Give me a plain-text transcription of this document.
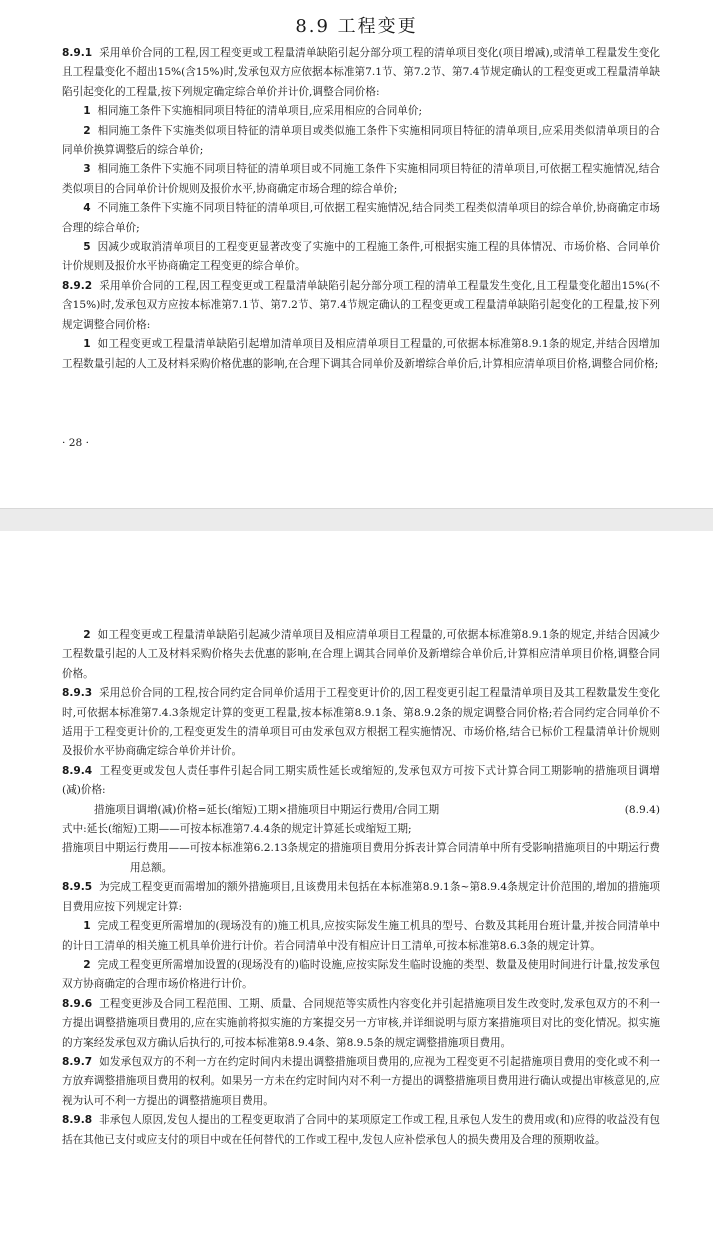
8.9 工程变更

8.9.1 采用单价合同的工程,因工程变更或工程量清单缺陷引起分部分项工程的清单项目变化(项目增减),或清单工程量发生变化且工程量变化不超出15%(含15%)时,发承包双方应依据本标准第7.1节、第7.2节、第7.4节规定确认的工程变更或工程量清单缺陷引起变化的工程量,按下列规定确定综合单价并计价,调整合同价格:

1 相同施工条件下实施相同项目特征的清单项目,应采用相应的合同单价;

2 相同施工条件下实施类似项目特征的清单项目或类似施工条件下实施相同项目特征的清单项目,应采用类似清单项目的合同单价换算调整后的综合单价;

3 相同施工条件下实施不同项目特征的清单项目或不同施工条件下实施相同项目特征的清单项目,可依据工程实施情况,结合类似项目的合同单价计价规则及报价水平,协商确定市场合理的综合单价;

4 不同施工条件下实施不同项目特征的清单项目,可依据工程实施情况,结合同类工程类似清单项目的综合单价,协商确定市场合理的综合单价;

5 因减少或取消清单项目的工程变更显著改变了实施中的工程施工条件,可根据实施工程的具体情况、市场价格、合同单价计价规则及报价水平协商确定工程变更的综合单价。

8.9.2 采用单价合同的工程,因工程变更或工程量清单缺陷引起分部分项工程的清单工程量发生变化,且工程量变化超出15%(不含15%)时,发承包双方应按本标准第7.1节、第7.2节、第7.4节规定确认的工程变更或工程量清单缺陷引起变化的工程量,按下列规定调整合同价格:

1 如工程变更或工程量清单缺陷引起增加清单项目及相应清单项目工程量的,可依据本标准第8.9.1条的规定,并结合因增加工程数量引起的人工及材料采购价格优惠的影响,在合理下调其合同单价及新增综合单价后,计算相应清单项目价格,调整合同价格;

· 28 ·

2 如工程变更或工程量清单缺陷引起减少清单项目及相应清单项目工程量的,可依据本标准第8.9.1条的规定,并结合因减少工程数量引起的人工及材料采购价格失去优惠的影响,在合理上调其合同单价及新增综合单价后,计算相应清单项目价格,调整合同价格。

8.9.3 采用总价合同的工程,按合同约定合同单价适用于工程变更计价的,因工程变更引起工程量清单项目及其工程数量发生变化时,可依据本标准第7.4.3条规定计算的变更工程量,按本标准第8.9.1条、第8.9.2条的规定调整合同价格;若合同约定合同单价不适用于工程变更计价的,工程变更发生的清单项目可由发承包双方根据工程实施情况、市场价格,结合已标价工程量清单计价规则及报价水平协商确定综合单价并计价。

8.9.4 工程变更或发包人责任事件引起合同工期实质性延长或缩短的,发承包双方可按下式计算合同工期影响的措施项目调增(减)价格:

措施项目调增(减)价格=延长(缩短)工期×措施项目中期运行费用/合同工期	(8.9.4)

式中:延长(缩短)工期——可按本标准第7.4.4条的规定计算延长或缩短工期;

措施项目中期运行费用——可按本标准第6.2.13条规定的措施项目费用分拆表计算合同清单中所有受影响措施项目的中期运行费用总额。

8.9.5 为完成工程变更而需增加的额外措施项目,且该费用未包括在本标准第8.9.1条~第8.9.4条规定计价范围的,增加的措施项目费用应按下列规定计算:

1 完成工程变更所需增加的(现场没有的)施工机具,应按实际发生施工机具的型号、台数及其耗用台班计量,并按合同清单中的计日工清单的相关施工机具单价进行计价。若合同清单中没有相应计日工清单,可按本标准第8.6.3条的规定计算。

2 完成工程变更所需增加设置的(现场没有的)临时设施,应按实际发生临时设施的类型、数量及使用时间进行计量,按发承包双方协商确定的合理市场价格进行计价。

8.9.6 工程变更涉及合同工程范围、工期、质量、合同规范等实质性内容变化并引起措施项目发生改变时,发承包双方的不利一方提出调整措施项目费用的,应在实施前将拟实施的方案提交另一方审核,并详细说明与原方案措施项目对比的变化情况。拟实施的方案经发承包双方确认后执行的,可按本标准第8.9.4条、第8.9.5条的规定调整措施项目费用。

8.9.7 如发承包双方的不利一方在约定时间内未提出调整措施项目费用的,应视为工程变更不引起措施项目费用的变化或不利一方放弃调整措施项目费用的权利。如果另一方未在约定时间内对不利一方提出的调整措施项目费用进行确认或提出审核意见的,应视为认可不利一方提出的调整措施项目费用。

8.9.8 非承包人原因,发包人提出的工程变更取消了合同中的某项原定工作或工程,且承包人发生的费用或(和)应得的收益没有包括在其他已支付或应支付的项目中或在任何替代的工作或工程中,发包人应补偿承包人的损失费用及合理的预期收益。
